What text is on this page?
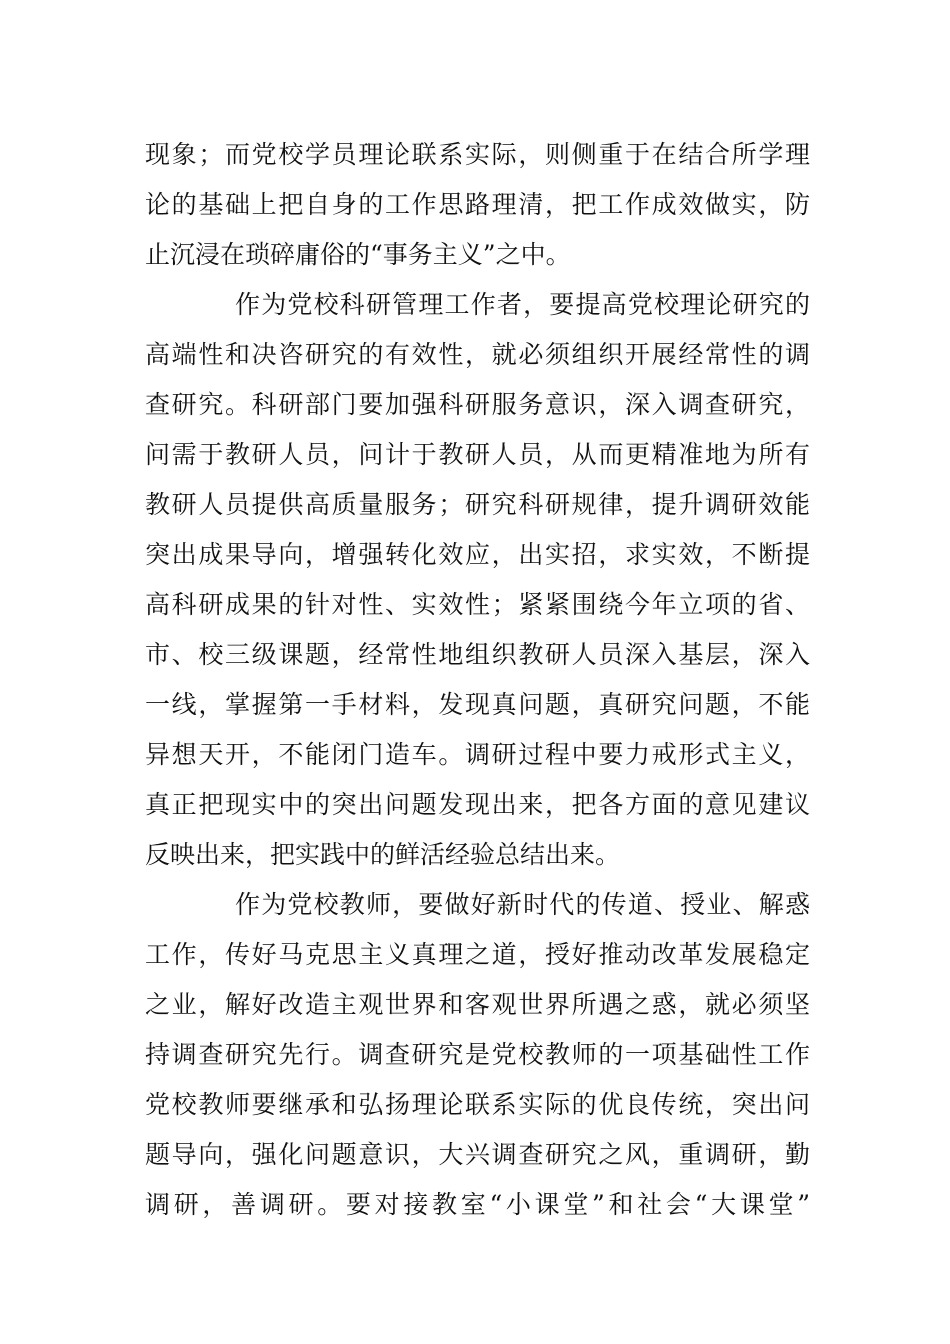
现象；而党校学员理论联系实际，则侧重于在结合所学理
论的基础上把自身的工作思路理清，把工作成效做实，防
止沉浸在琐碎庸俗的“事务主义”之中。
作为党校科研管理工作者，要提高党校理论研究的
高端性和决咨研究的有效性，就必须组织开展经常性的调
查研究。科研部门要加强科研服务意识，深入调查研究，
问需于教研人员，问计于教研人员，从而更精准地为所有
教研人员提供高质量服务；研究科研规律，提升调研效能
突出成果导向，增强转化效应，出实招，求实效，不断提
高科研成果的针对性、实效性；紧紧围绕今年立项的省、
市、校三级课题，经常性地组织教研人员深入基层，深入
一线，掌握第一手材料，发现真问题，真研究问题，不能
异想天开，不能闭门造车。调研过程中要力戒形式主义，
真正把现实中的突出问题发现出来，把各方面的意见建议
反映出来，把实践中的鲜活经验总结出来。
作为党校教师，要做好新时代的传道、授业、解惑
工作，传好马克思主义真理之道，授好推动改革发展稳定
之业，解好改造主观世界和客观世界所遇之惑，就必须坚
持调查研究先行。调查研究是党校教师的一项基础性工作
党校教师要继承和弘扬理论联系实际的优良传统，突出问
题导向，强化问题意识，大兴调查研究之风，重调研，勤
调研，善调研。要对接教室“小课堂”和社会“大课堂”
